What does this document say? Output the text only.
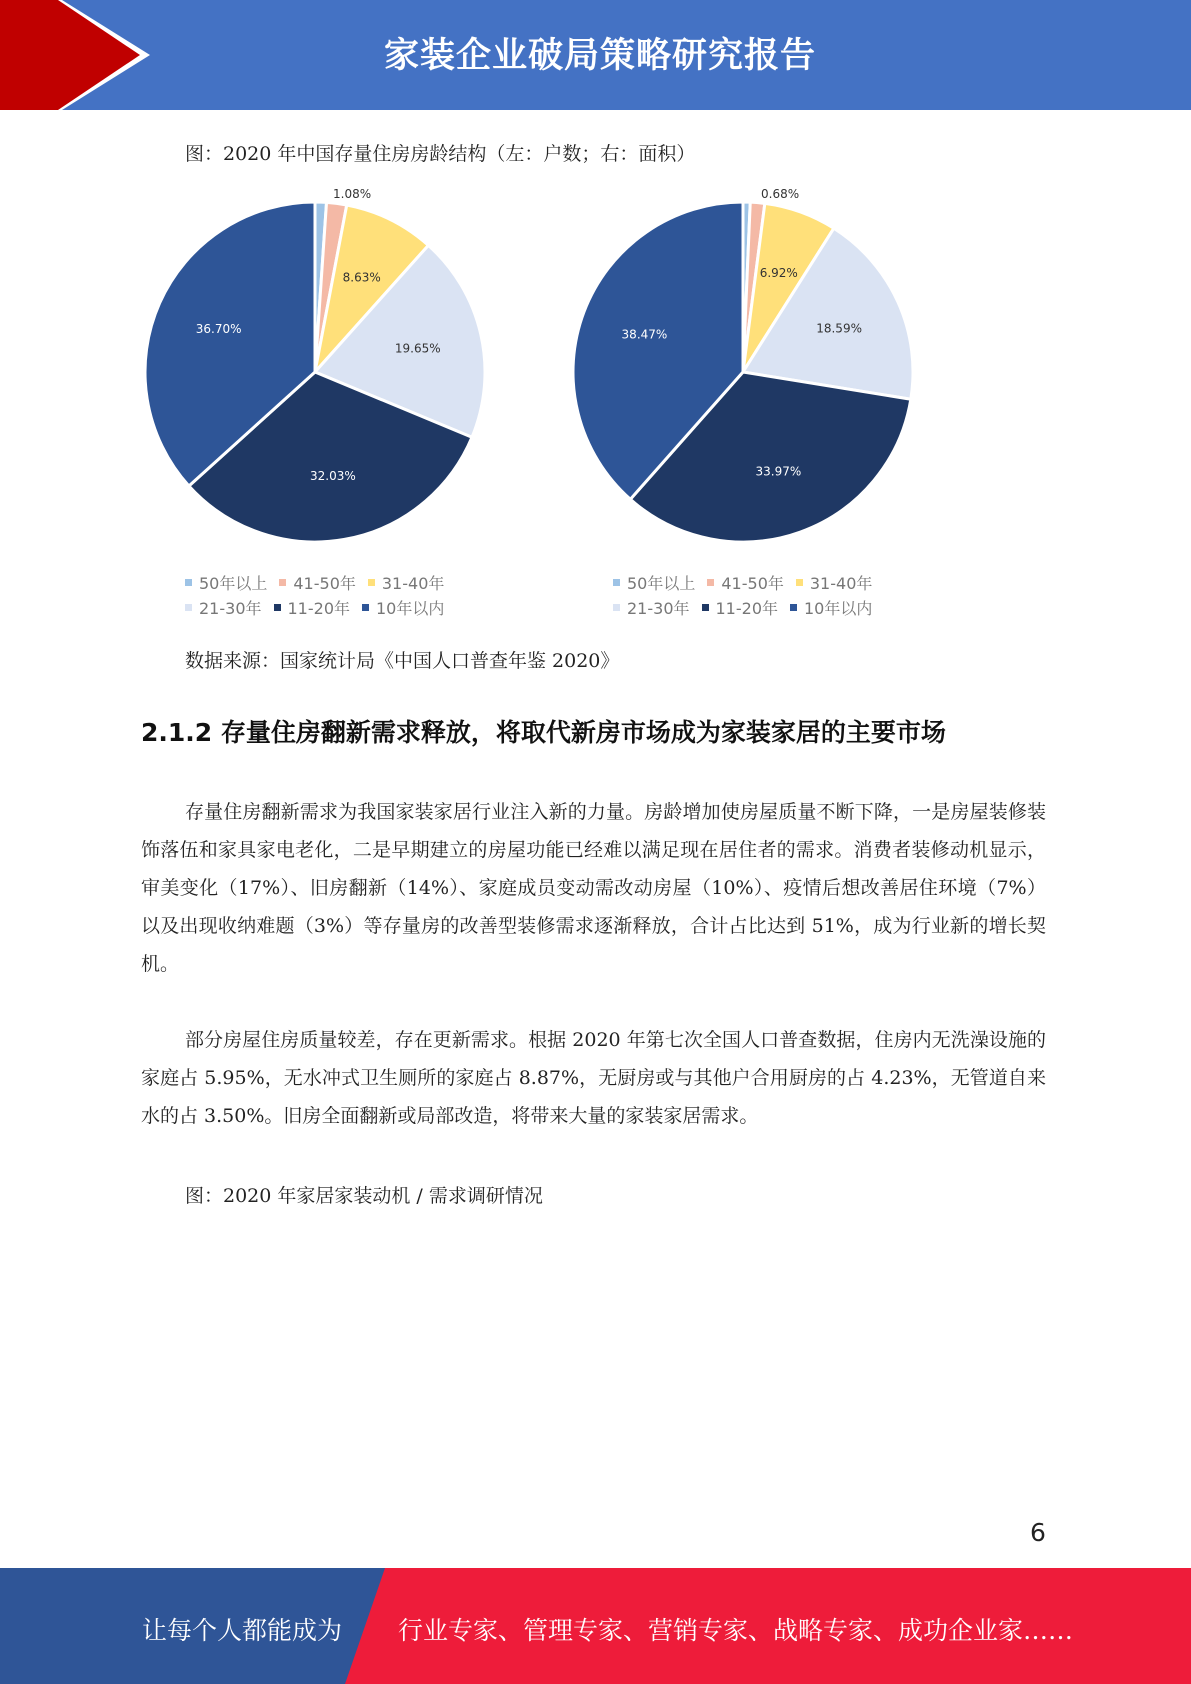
家装企业破局策略研究报告
图：2020 年中国存量住房房龄结构（左：户数；右：面积）
1.08%
8.63%
19.65%
32.03%
36.70%
0.68%
6.92%
18.59%
33.97%
38.47%
50年以上 41-50年 31-40年
21-30年 11-20年 10年以内
50年以上 41-50年 31-40年
21-30年 11-20年 10年以内
数据来源：国家统计局《中国人口普查年鉴 2020》
2.1.2 存量住房翻新需求释放，将取代新房市场成为家装家居的主要市场
存量住房翻新需求为我国家装家居行业注入新的力量。房龄增加使房屋质量不断下降，一是房屋装修装饰落伍和家具家电老化，二是早期建立的房屋功能已经难以满足现在居住者的需求。消费者装修动机显示，审美变化（17%）、旧房翻新（14%）、家庭成员变动需改动房屋（10%）、疫情后想改善居住环境（7%）以及出现收纳难题（3%）等存量房的改善型装修需求逐渐释放，合计占比达到 51%，成为行业新的增长契机。
部分房屋住房质量较差，存在更新需求。根据 2020 年第七次全国人口普查数据，住房内无洗澡设施的家庭占 5.95%，无水冲式卫生厕所的家庭占 8.87%，无厨房或与其他户合用厨房的占 4.23%，无管道自来水的占 3.50%。旧房全面翻新或局部改造，将带来大量的家装家居需求。
图：2020 年家居家装动机 / 需求调研情况
6
让每个人都能成为 行业专家、管理专家、营销专家、战略专家、成功企业家……
